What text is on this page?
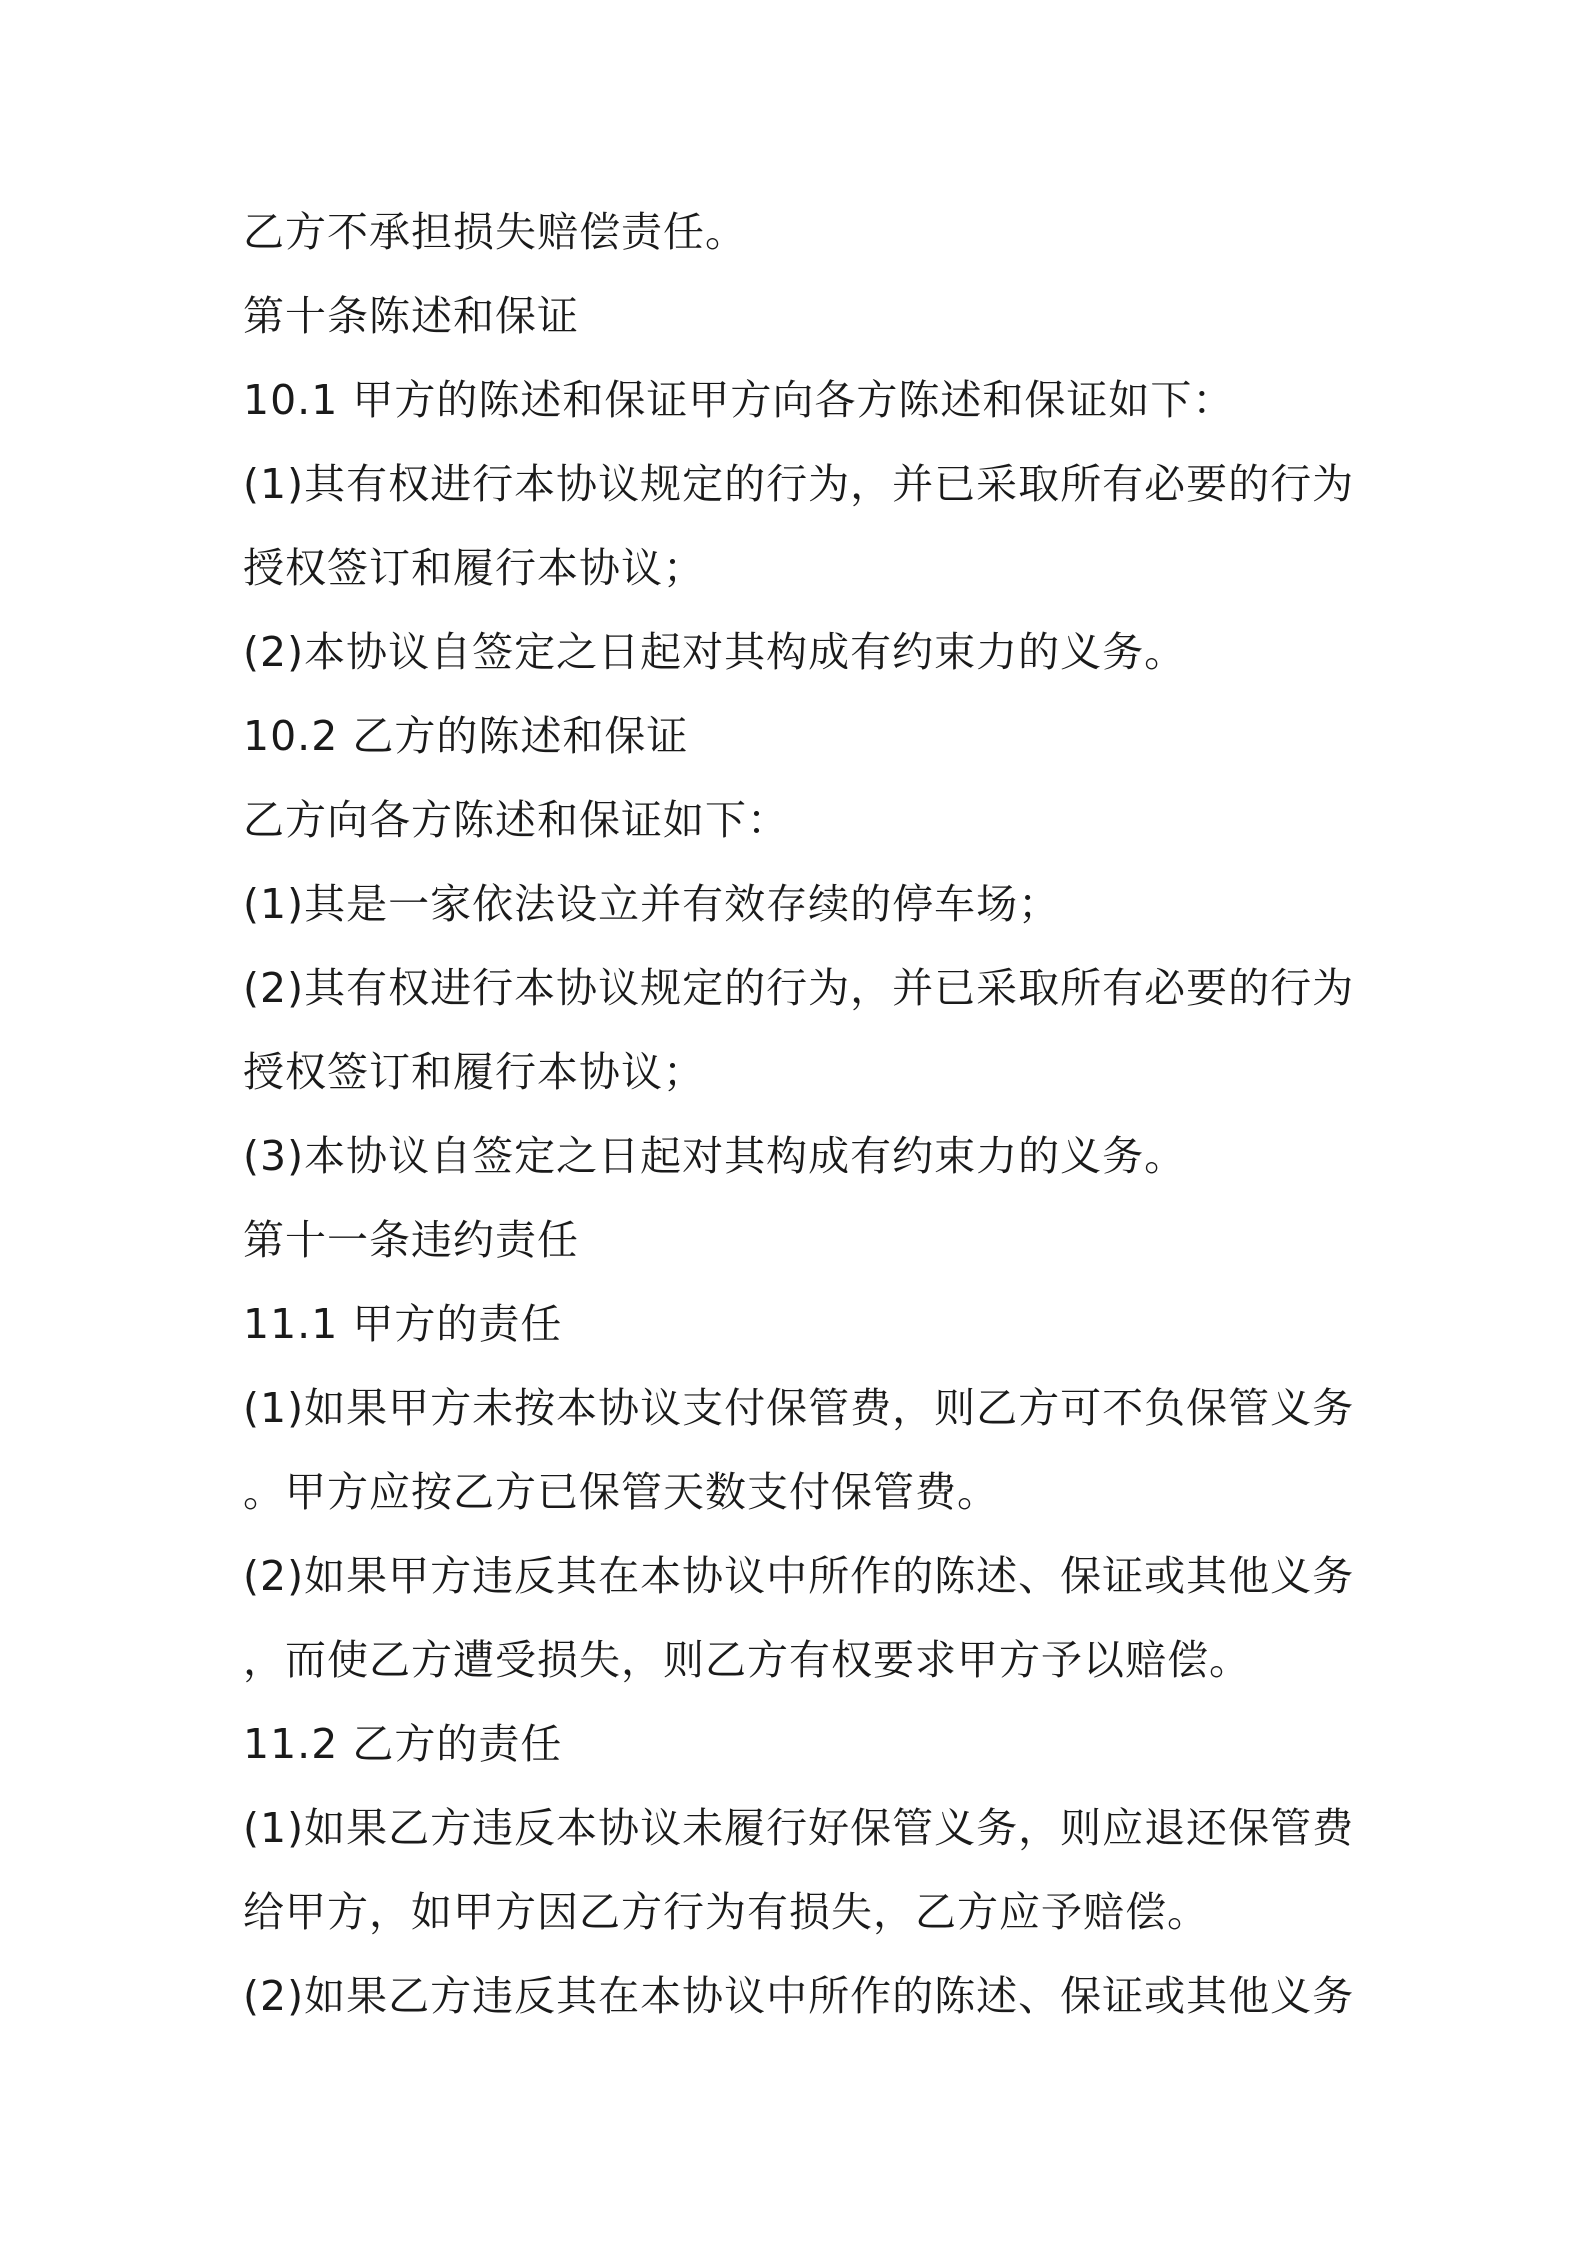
乙方不承担损失赔偿责任。
第十条陈述和保证
10.1 甲方的陈述和保证甲方向各方陈述和保证如下：
(1)其有权进行本协议规定的行为，并已采取所有必要的行为
授权签订和履行本协议；
(2)本协议自签定之日起对其构成有约束力的义务。
10.2 乙方的陈述和保证
乙方向各方陈述和保证如下：
(1)其是一家依法设立并有效存续的停车场；
(2)其有权进行本协议规定的行为，并已采取所有必要的行为
授权签订和履行本协议；
(3)本协议自签定之日起对其构成有约束力的义务。
第十一条违约责任
11.1 甲方的责任
(1)如果甲方未按本协议支付保管费，则乙方可不负保管义务
。甲方应按乙方已保管天数支付保管费。
(2)如果甲方违反其在本协议中所作的陈述、保证或其他义务
，而使乙方遭受损失，则乙方有权要求甲方予以赔偿。
11.2 乙方的责任
(1)如果乙方违反本协议未履行好保管义务，则应退还保管费
给甲方，如甲方因乙方行为有损失，乙方应予赔偿。
(2)如果乙方违反其在本协议中所作的陈述、保证或其他义务
